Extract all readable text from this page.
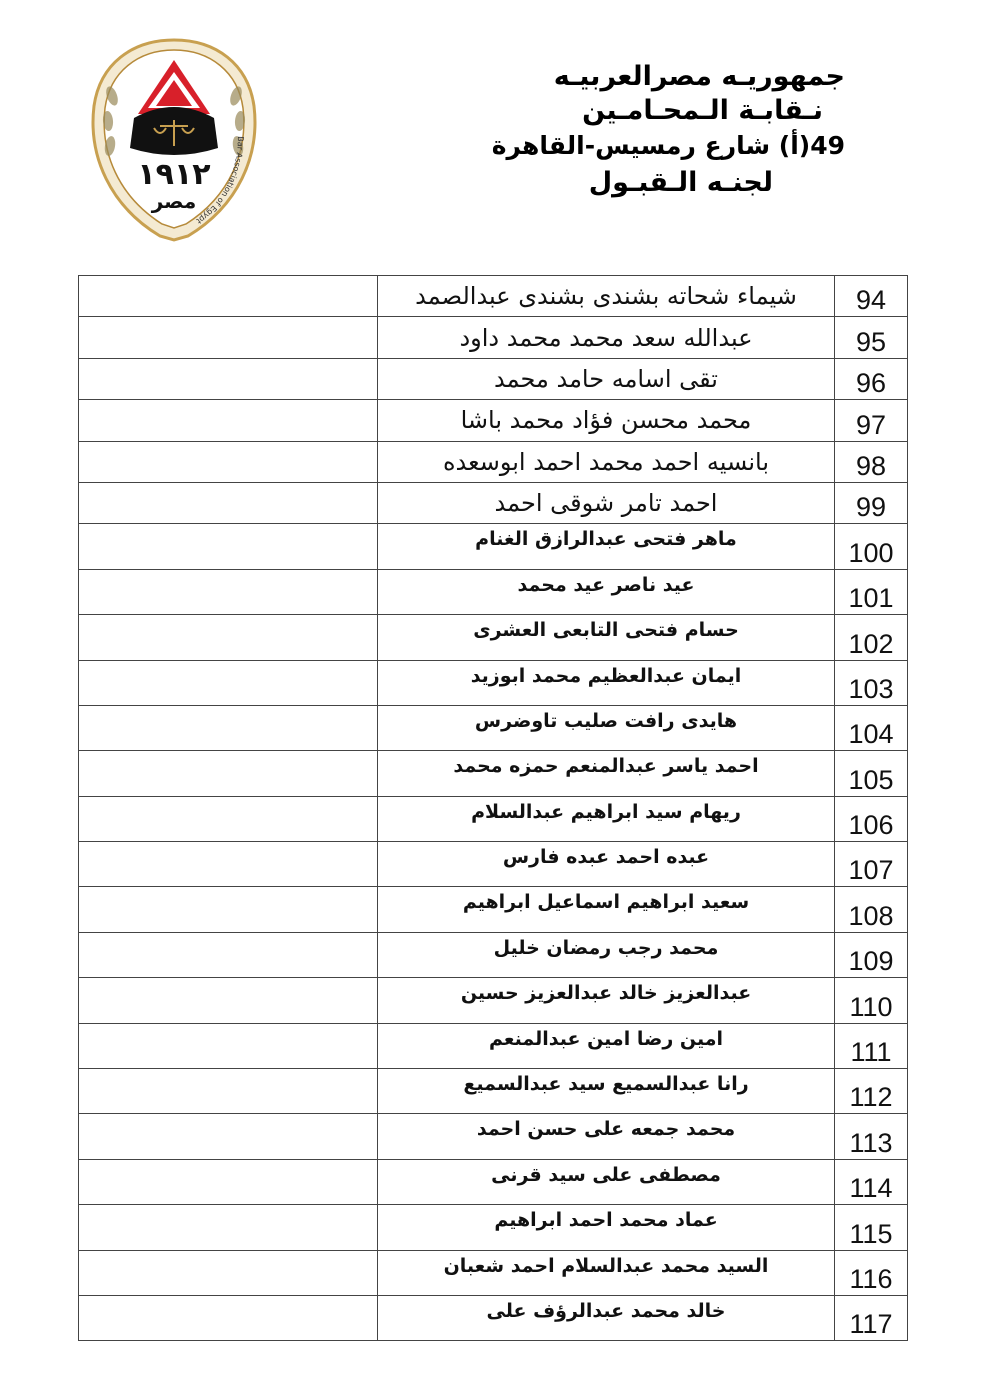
١٩١٢
مصر
Bar Association of Egypt
جمهوريـه مصرالعربيـه
نـقابـة الـمحـامـين
49(أ) شارع رمسيس-القاهرة
لجنـه الـقبـول
	شيماء شحاته بشندى بشندى عبدالصمد	94
	عبدالله سعد محمد محمد داود	95
	تقى اسامه حامد محمد	96
	محمد محسن فؤاد محمد باشا	97
	بانسيه احمد محمد احمد ابوسعده	98
	احمد تامر شوقى احمد	99
	ماهر فتحى عبدالرازق الغنام	100
	عيد ناصر عيد محمد	101
	حسام فتحى التابعى العشرى	102
	ايمان عبدالعظيم محمد ابوزيد	103
	هايدى رافت صليب تاوضرس	104
	احمد ياسر عبدالمنعم حمزه محمد	105
	ريهام سيد ابراهيم عبدالسلام	106
	عبده احمد عبده فارس	107
	سعيد ابراهيم اسماعيل ابراهيم	108
	محمد رجب رمضان خليل	109
	عبدالعزيز خالد عبدالعزيز حسين	110
	امين رضا امين عبدالمنعم	111
	رانا عبدالسميع سيد عبدالسميع	112
	محمد جمعه على حسن احمد	113
	مصطفى على سيد قرنى	114
	عماد محمد احمد ابراهيم	115
	السيد محمد عبدالسلام احمد شعبان	116
	خالد محمد عبدالرؤف على	117
